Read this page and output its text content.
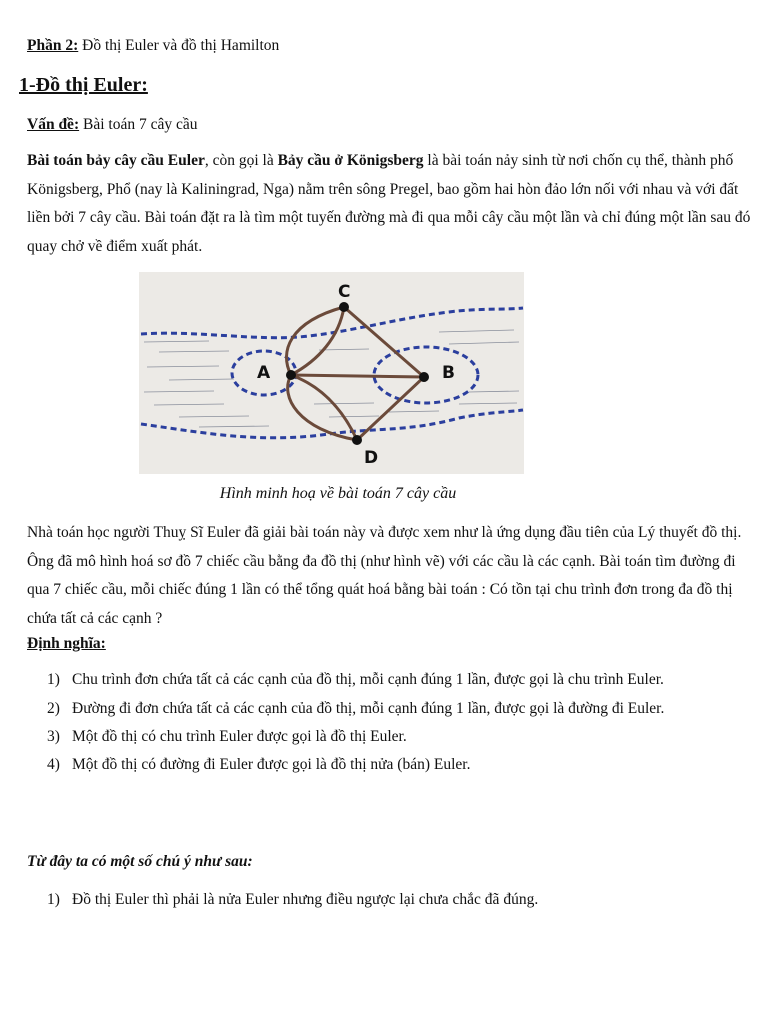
Phần 2: Đồ thị Euler và đồ thị Hamilton
1-Đồ thị Euler:
Vấn đề: Bài toán 7 cây cầu
Bài toán bảy cây cầu Euler, còn gọi là Bảy cầu ở Königsberg là bài toán nảy sinh từ nơi chốn cụ thể, thành phố Königsberg, Phổ (nay là Kaliningrad, Nga) nằm trên sông Pregel, bao gồm hai hòn đảo lớn nối với nhau và với đất liền bởi 7 cây cầu. Bài toán đặt ra là tìm một tuyến đường mà đi qua mỗi cây cầu một lần và chỉ đúng một lần sau đó quay chở về điểm xuất phát.
C
A	B
D
Hình minh hoạ về bài toán 7 cây cầu
Nhà toán học người Thuỵ Sĩ Euler đã giải bài toán này và được xem như là ứng dụng đầu tiên của Lý thuyết đồ thị. Ông đã mô hình hoá sơ đồ 7 chiếc cầu bằng đa đồ thị (như hình vẽ) với các cầu là các cạnh. Bài toán tìm đường đi qua 7 chiếc cầu, mỗi chiếc đúng 1 lần có thể tổng quát hoá bằng bài toán : Có tồn tại chu trình đơn trong đa đồ thị chứa tất cả các cạnh ?
Định nghĩa:
1) Chu trình đơn chứa tất cả các cạnh của đồ thị, mỗi cạnh đúng 1 lần, được gọi là chu trình Euler.
2) Đường đi đơn chứa tất cả các cạnh của đồ thị, mỗi cạnh đúng 1 lần, được gọi là đường đi Euler.
3) Một đồ thị có chu trình Euler được gọi là đồ thị Euler.
4) Một đồ thị có đường đi Euler được gọi là đồ thị nửa (bán) Euler.
Từ đây ta có một số chú ý như sau:
1) Đồ thị Euler thì phải là nửa Euler nhưng điều ngược lại chưa chắc đã đúng.
